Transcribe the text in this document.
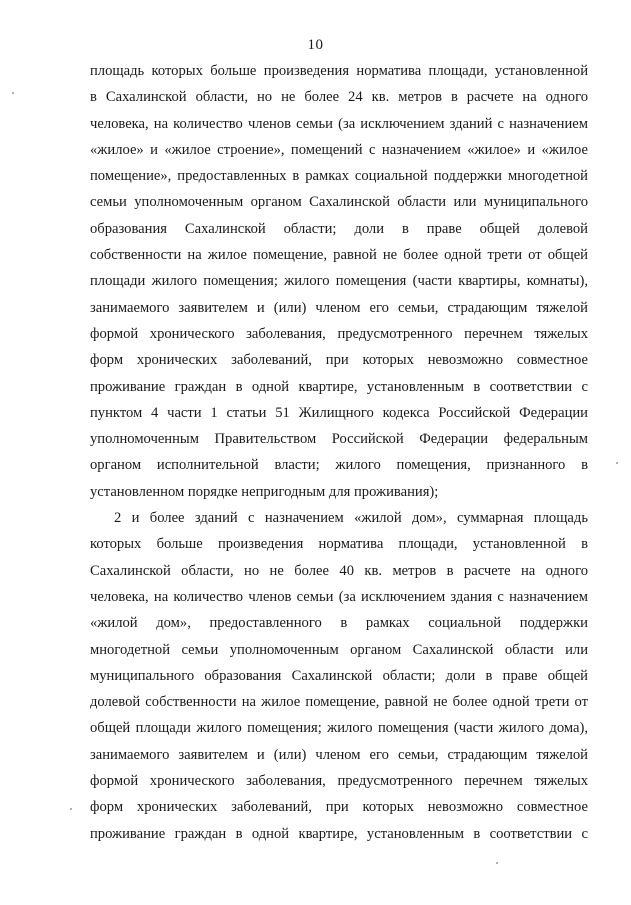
10
площадь которых больше произведения норматива площади, установленной
в Сахалинской области, но не более 24 кв. метров в расчете на одного
человека, на количество членов семьи (за исключением зданий с назначением
«жилое» и «жилое строение», помещений с назначением «жилое» и «жилое
помещение», предоставленных в рамках социальной поддержки многодетной
семьи уполномоченным органом Сахалинской области или муниципального
образования Сахалинской области; доли в праве общей долевой
собственности на жилое помещение, равной не более одной трети от общей
площади жилого помещения; жилого помещения (части квартиры, комнаты),
занимаемого заявителем и (или) членом его семьи, страдающим тяжелой
формой хронического заболевания, предусмотренного перечнем тяжелых
форм хронических заболеваний, при которых невозможно совместное
проживание граждан в одной квартире, установленным в соответствии с
пунктом 4 части 1 статьи 51 Жилищного кодекса Российской Федерации
уполномоченным Правительством Российской Федерации федеральным
органом исполнительной власти; жилого помещения, признанного в
установленном порядке непригодным для проживания);
2 и более зданий с назначением «жилой дом», суммарная площадь
которых больше произведения норматива площади, установленной в
Сахалинской области, но не более 40 кв. метров в расчете на одного
человека, на количество членов семьи (за исключением здания с назначением
«жилой дом», предоставленного в рамках социальной поддержки
многодетной семьи уполномоченным органом Сахалинской области или
муниципального образования Сахалинской области; доли в праве общей
долевой собственности на жилое помещение, равной не более одной трети от
общей площади жилого помещения; жилого помещения (части жилого дома),
занимаемого заявителем и (или) членом его семьи, страдающим тяжелой
формой хронического заболевания, предусмотренного перечнем тяжелых
форм хронических заболеваний, при которых невозможно совместное
проживание граждан в одной квартире, установленным в соответствии с
